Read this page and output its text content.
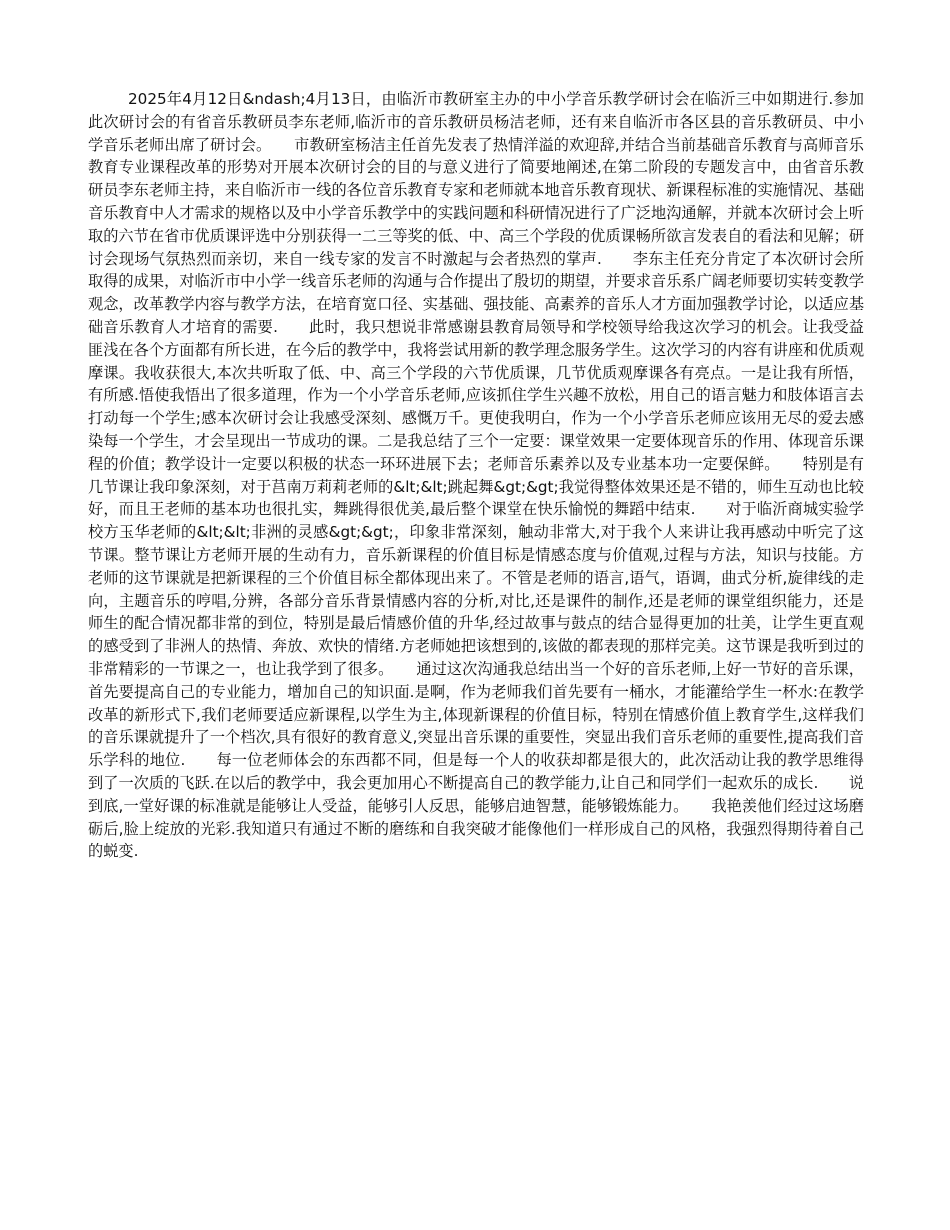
2025年4月12日&ndash;4月13日，由临沂市教研室主办的中小学音乐教学研讨会在临沂三中如期进行.参加此次研讨会的有省音乐教研员李东老师,临沂市的音乐教研员杨洁老师，还有来自临沂市各区县的音乐教研员、中小学音乐老师出席了研讨会。　　市教研室杨洁主任首先发表了热情洋溢的欢迎辞,并结合当前基础音乐教育与高师音乐教育专业课程改革的形势对开展本次研讨会的目的与意义进行了简要地阐述,在第二阶段的专题发言中，由省音乐教研员李东老师主持，来自临沂市一线的各位音乐教育专家和老师就本地音乐教育现状、新课程标准的实施情况、基础音乐教育中人才需求的规格以及中小学音乐教学中的实践问题和科研情况进行了广泛地沟通解，并就本次研讨会上听取的六节在省市优质课评选中分别获得一二三等奖的低、中、高三个学段的优质课畅所欲言发表自的看法和见解；研讨会现场气氛热烈而亲切，来自一线专家的发言不时激起与会者热烈的掌声.　　李东主任充分肯定了本次研讨会所取得的成果，对临沂市中小学一线音乐老师的沟通与合作提出了殷切的期望，并要求音乐系广阔老师要切实转变教学观念，改革教学内容与教学方法，在培育宽口径、实基础、强技能、高素养的音乐人才方面加强教学讨论，以适应基础音乐教育人才培育的需要.　　此时，我只想说非常感谢县教育局领导和学校领导给我这次学习的机会。让我受益匪浅在各个方面都有所长进，在今后的教学中，我将尝试用新的教学理念服务学生。这次学习的内容有讲座和优质观摩课。我收获很大,本次共听取了低、中、高三个学段的六节优质课，几节优质观摩课各有亮点。一是让我有所悟，有所感.悟使我悟出了很多道理，作为一个小学音乐老师,应该抓住学生兴趣不放松，用自己的语言魅力和肢体语言去打动每一个学生;感本次研讨会让我感受深刻、感慨万千。更使我明白，作为一个小学音乐老师应该用无尽的爱去感染每一个学生，才会呈现出一节成功的课。二是我总结了三个一定要：课堂效果一定要体现音乐的作用、体现音乐课程的价值；教学设计一定要以积极的状态一环环进展下去；老师音乐素养以及专业基本功一定要保鲜。　　特别是有几节课让我印象深刻，对于莒南万莉莉老师的&lt;&lt;跳起舞&gt;&gt;我觉得整体效果还是不错的，师生互动也比较好，而且王老师的基本功也很扎实，舞跳得很优美,最后整个课堂在快乐愉悦的舞蹈中结束.　　对于临沂商城实验学校方玉华老师的&lt;&lt;非洲的灵感&gt;&gt;，印象非常深刻，触动非常大,对于我个人来讲让我再感动中听完了这节课。整节课让方老师开展的生动有力，音乐新课程的价值目标是情感态度与价值观,过程与方法，知识与技能。方老师的这节课就是把新课程的三个价值目标全都体现出来了。不管是老师的语言,语气，语调，曲式分析,旋律线的走向，主题音乐的哼唱,分辨，各部分音乐背景情感内容的分析,对比,还是课件的制作,还是老师的课堂组织能力，还是师生的配合情况都非常的到位，特别是最后情感价值的升华,经过故事与鼓点的结合显得更加的壮美，让学生更直观的感受到了非洲人的热情、奔放、欢快的情绪.方老师她把该想到的,该做的都表现的那样完美。这节课是我听到过的非常精彩的一节课之一，也让我学到了很多。　　通过这次沟通我总结出当一个好的音乐老师,上好一节好的音乐课，首先要提高自己的专业能力，增加自己的知识面.是啊，作为老师我们首先要有一桶水，才能灌给学生一杯水:在教学改革的新形式下,我们老师要适应新课程,以学生为主,体现新课程的价值目标，特别在情感价值上教育学生,这样我们的音乐课就提升了一个档次,具有很好的教育意义,突显出音乐课的重要性，突显出我们音乐老师的重要性,提高我们音乐学科的地位.　　每一位老师体会的东西都不同，但是每一个人的收获却都是很大的，此次活动让我的教学思维得到了一次质的飞跃.在以后的教学中，我会更加用心不断提高自己的教学能力,让自己和同学们一起欢乐的成长.　　说到底,一堂好课的标准就是能够让人受益，能够引人反思，能够启迪智慧，能够锻炼能力。　　我艳羡他们经过这场磨砺后,脸上绽放的光彩.我知道只有通过不断的磨练和自我突破才能像他们一样形成自己的风格，我强烈得期待着自己的蜕变.
